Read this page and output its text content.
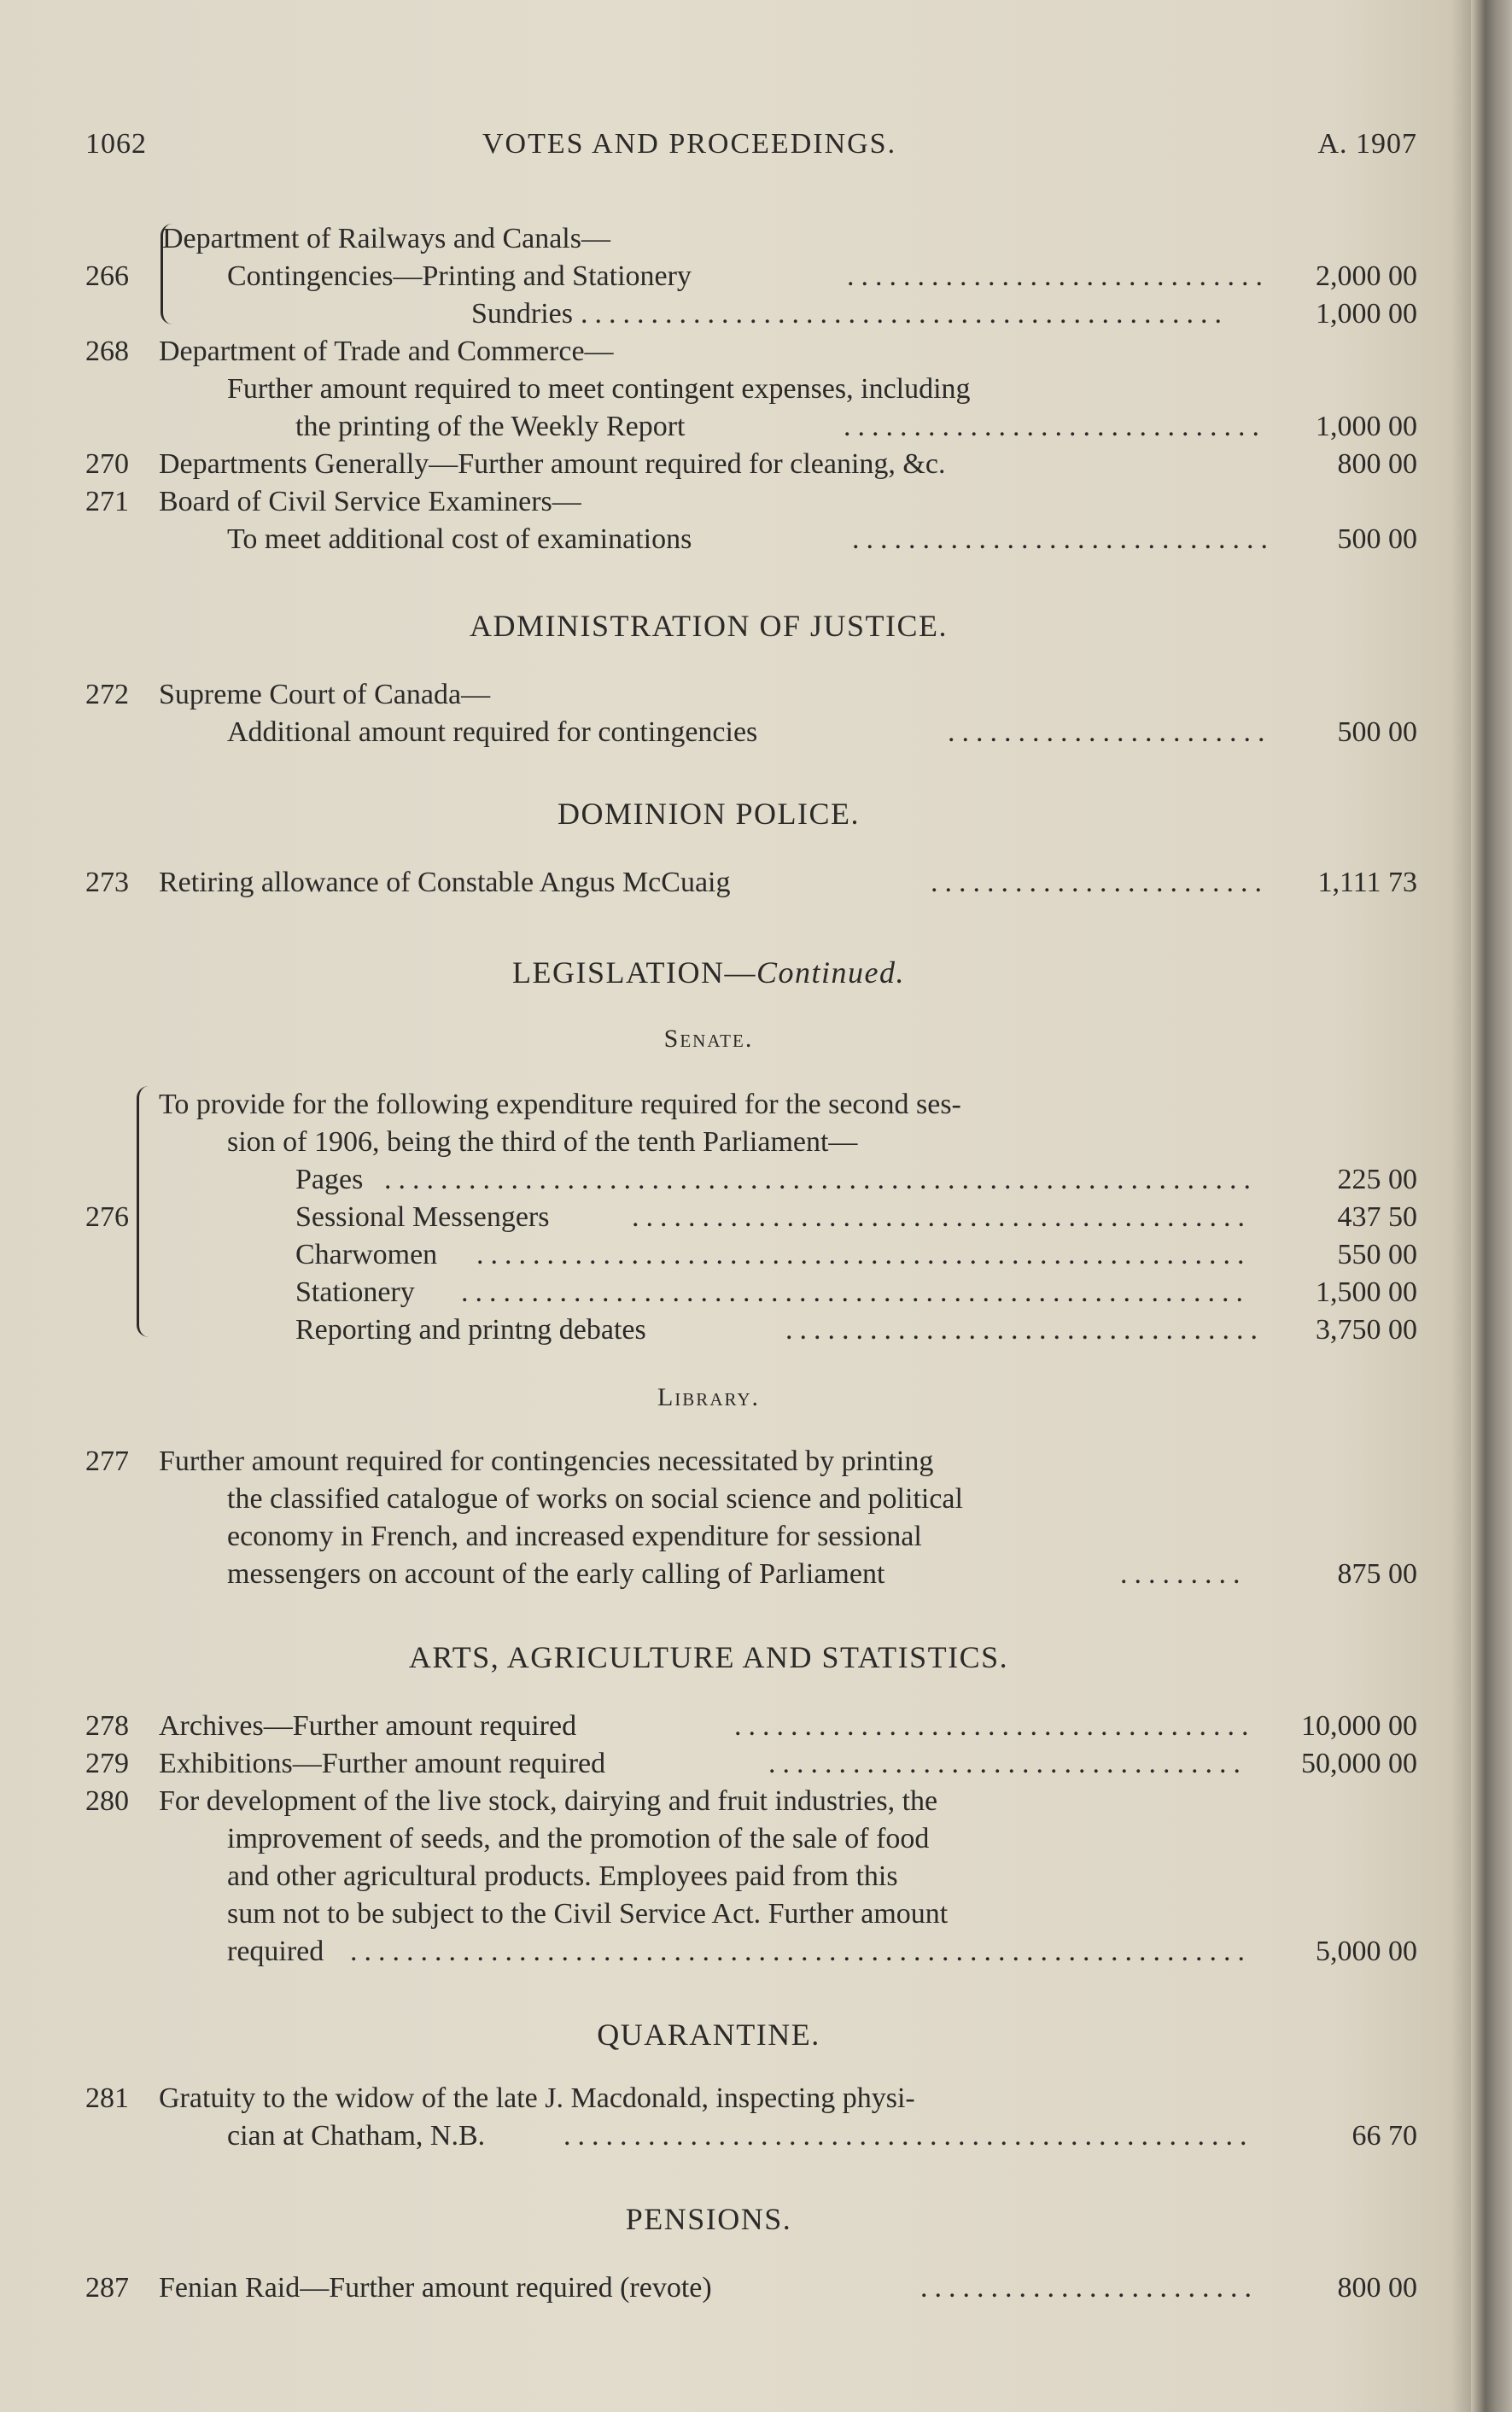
1062	VOTES AND PROCEEDINGS.	A. 1907
Department of Railways and Canals—
266	Contingencies—Printing and Stationery	..............................	2,000 00
Sundries ..............................................	1,000 00
268 Department of Trade and Commerce—
Further amount required to meet contingent expenses, including
the printing of the Weekly Report	..............................	1,000 00
270 Departments Generally—Further amount required for cleaning, &c.	800 00
271 Board of Civil Service Examiners—
To meet additional cost of examinations	..............................	500 00
ADMINISTRATION OF JUSTICE.
272 Supreme Court of Canada—
Additional amount required for contingencies	.......................	500 00
DOMINION POLICE.
273 Retiring allowance of Constable Angus McCuaig	........................	1,111 73
LEGISLATION—Continued.
Senate.
To provide for the following expenditure required for the second ses-
sion of 1906, being the third of the tenth Parliament—
Pages ..............................................................	225 00
276	Sessional Messengers	............................................	437 50
Charwomen .......................................................	550 00
Stationery ........................................................	1,500 00
Reporting and printng debates	..................................	3,750 00
Library.
277 Further amount required for contingencies necessitated by printing
the classified catalogue of works on social science and political
economy in French, and increased expenditure for sessional
messengers on account of the early calling of Parliament	.........	875 00
ARTS, AGRICULTURE AND STATISTICS.
278 Archives—Further amount required	.....................................	10,000 00
279 Exhibitions—Further amount required	..................................	50,000 00
280 For development of the live stock, dairying and fruit industries, the
improvement of seeds, and the promotion of the sale of food
and other agricultural products. Employees paid from this
sum not to be subject to the Civil Service Act. Further amount
required ................................................................	5,000 00
QUARANTINE.
281 Gratuity to the widow of the late J. Macdonald, inspecting physi-
cian at Chatham, N.B.	.................................................	66 70
PENSIONS.
287 Fenian Raid—Further amount required (revote)	........................	800 00
